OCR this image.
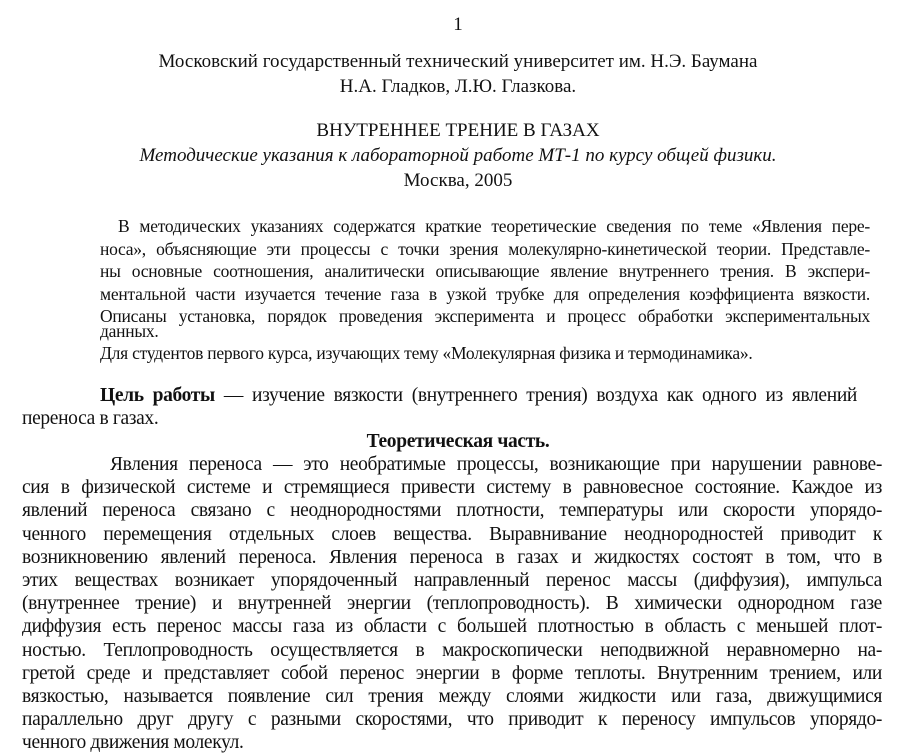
1
Московский государственный технический университет им. Н.Э. Баумана
Н.А. Гладков, Л.Ю. Глазкова.
ВНУТРЕННЕЕ ТРЕНИЕ В ГАЗАХ
Методические указания к лабораторной работе МТ-1 по курсу общей физики.
Москва, 2005
В методических указаниях содержатся краткие теоретические сведения по теме «Явления пере-
носа», объясняющие эти процессы с точки зрения молекулярно-кинетической теории. Представле-
ны основные соотношения, аналитически описывающие явление внутреннего трения. В экспери-
ментальной части изучается течение газа в узкой трубке для определения коэффициента вязкости.
Описаны установка, порядок проведения эксперимента и процесс обработки экспериментальных
данных.
Для студентов первого курса, изучающих тему «Молекулярная физика и термодинамика».
Цель работы — изучение вязкости (внутреннего трения) воздуха как одного из явлений
переноса в газах.
Теоретическая часть.
Явления переноса — это необратимые процессы, возникающие при нарушении равнове-
сия в физической системе и стремящиеся привести систему в равновесное состояние. Каждое из
явлений переноса связано с неоднородностями плотности, температуры или скорости упорядо-
ченного перемещения отдельных слоев вещества. Выравнивание неоднородностей приводит к
возникновению явлений переноса. Явления переноса в газах и жидкостях состоят в том, что в
этих веществах возникает упорядоченный направленный перенос массы (диффузия), импульса
(внутреннее трение) и внутренней энергии (теплопроводность). В химически однородном газе
диффузия есть перенос массы газа из области с большей плотностью в область с меньшей плот-
ностью. Теплопроводность осуществляется в макроскопически неподвижной неравномерно на-
гретой среде и представляет собой перенос энергии в форме теплоты. Внутренним трением, или
вязкостью, называется появление сил трения между слоями жидкости или газа, движущимися
параллельно друг другу с разными скоростями, что приводит к переносу импульсов упорядо-
ченного движения молекул.
